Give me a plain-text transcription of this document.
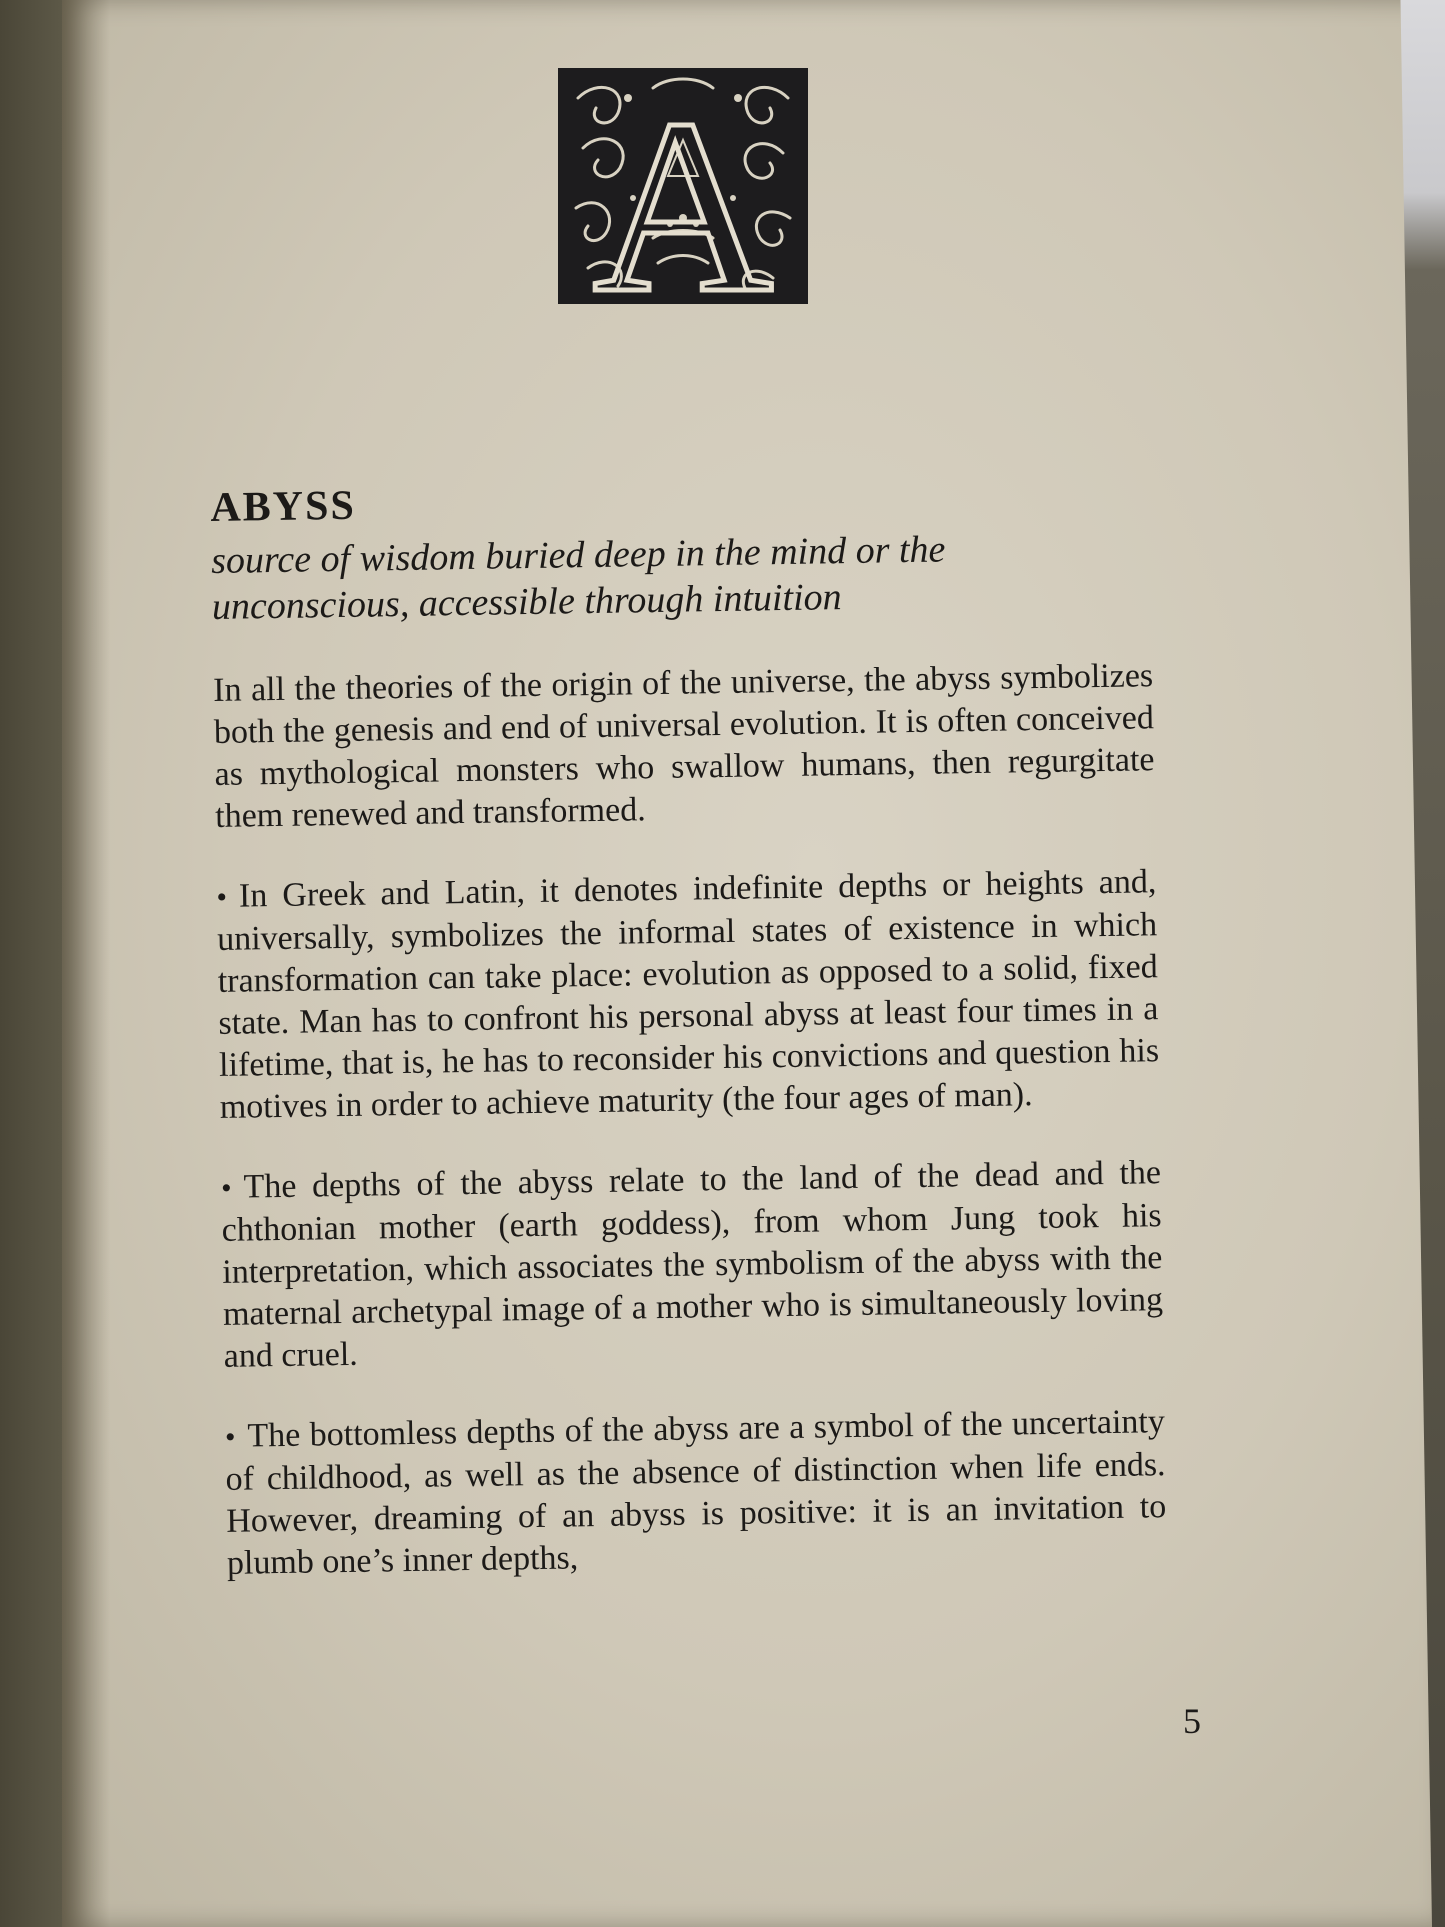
A
ABYSS

source of wisdom buried deep in the mind or the unconscious, accessible through intuition

In all the theories of the origin of the universe, the abyss symbolizes both the genesis and end of universal evolution. It is often conceived as mythological monsters who swallow humans, then regurgitate them renewed and transformed.

• In Greek and Latin, it denotes indefinite depths or heights and, universally, symbolizes the informal states of existence in which transformation can take place: evolution as opposed to a solid, fixed state. Man has to confront his personal abyss at least four times in a lifetime, that is, he has to reconsider his convictions and question his motives in order to achieve maturity (the four ages of man).

• The depths of the abyss relate to the land of the dead and the chthonian mother (earth goddess), from whom Jung took his interpretation, which associates the symbolism of the abyss with the maternal archetypal image of a mother who is simultaneously loving and cruel.

• The bottomless depths of the abyss are a symbol of the uncertainty of childhood, as well as the absence of distinction when life ends. However, dreaming of an abyss is positive: it is an invitation to plumb one’s inner depths,

5
